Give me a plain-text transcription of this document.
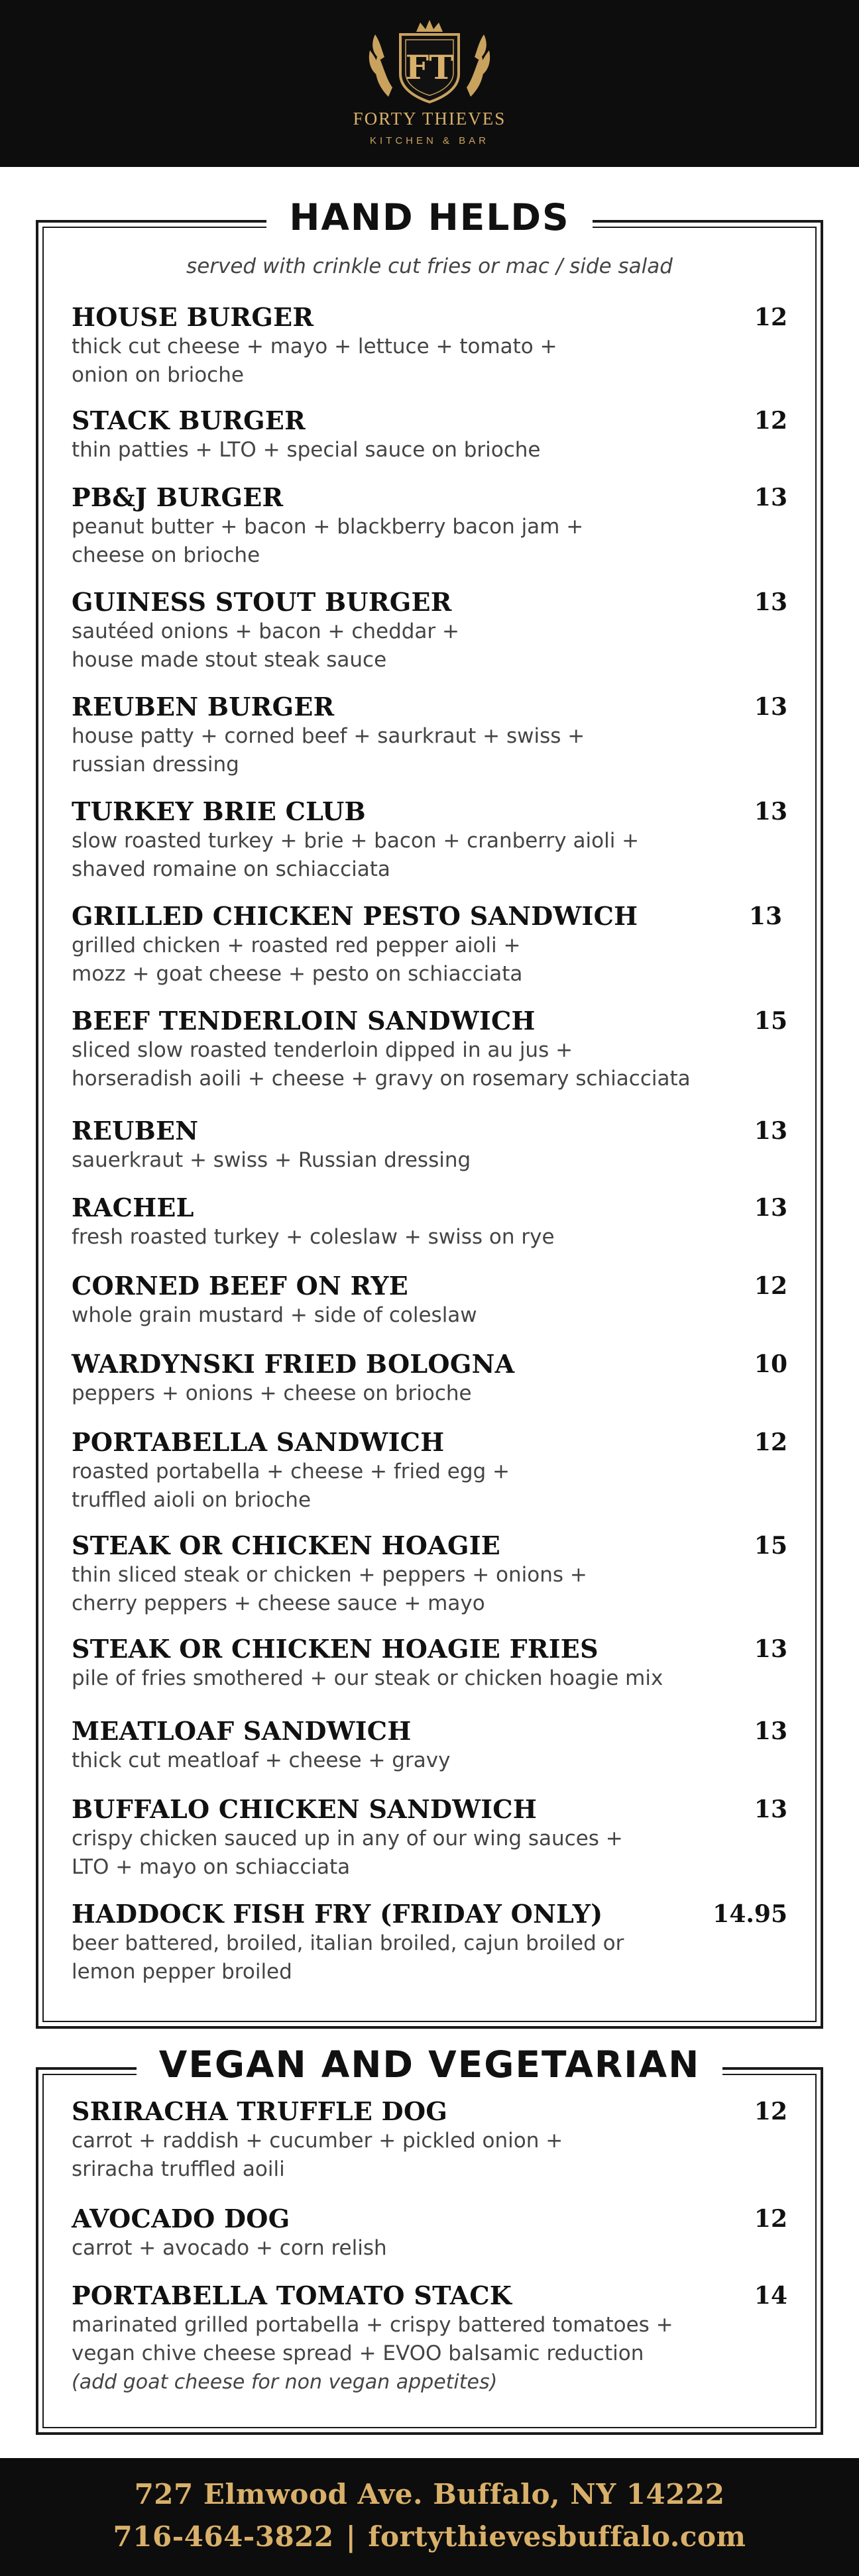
FT
FORTY THIEVES
KITCHEN & BAR
HAND HELDS
served with crinkle cut fries or mac / side salad
HOUSE BURGER	12
thick cut cheese + mayo + lettuce + tomato +
onion on brioche
STACK BURGER	12
thin patties + LTO + special sauce on brioche
PB&J BURGER	13
peanut butter + bacon + blackberry bacon jam +
cheese on brioche
GUINESS STOUT BURGER	13
sautéed onions + bacon + cheddar +
house made stout steak sauce
REUBEN BURGER	13
house patty + corned beef + saurkraut + swiss +
russian dressing
TURKEY BRIE CLUB	13
slow roasted turkey + brie + bacon + cranberry aioli +
shaved romaine on schiacciata
GRILLED CHICKEN PESTO SANDWICH	13
grilled chicken + roasted red pepper aioli +
mozz + goat cheese + pesto on schiacciata
BEEF TENDERLOIN SANDWICH	15
sliced slow roasted tenderloin dipped in au jus +
horseradish aoili + cheese + gravy on rosemary schiacciata
REUBEN	13
sauerkraut + swiss + Russian dressing
RACHEL	13
fresh roasted turkey + coleslaw + swiss on rye
CORNED BEEF ON RYE	12
whole grain mustard + side of coleslaw
WARDYNSKI FRIED BOLOGNA	10
peppers + onions + cheese on brioche
PORTABELLA SANDWICH	12
roasted portabella + cheese + fried egg +
truffled aioli on brioche
STEAK OR CHICKEN HOAGIE	15
thin sliced steak or chicken + peppers + onions +
cherry peppers + cheese sauce + mayo
STEAK OR CHICKEN HOAGIE FRIES	13
pile of fries smothered + our steak or chicken hoagie mix
MEATLOAF SANDWICH	13
thick cut meatloaf + cheese + gravy
BUFFALO CHICKEN SANDWICH	13
crispy chicken sauced up in any of our wing sauces +
LTO + mayo on schiacciata
HADDOCK FISH FRY (FRIDAY ONLY)	14.95
beer battered, broiled, italian broiled, cajun broiled or
lemon pepper broiled
VEGAN AND VEGETARIAN
SRIRACHA TRUFFLE DOG	12
carrot + raddish + cucumber + pickled onion +
sriracha truffled aoili
AVOCADO DOG	12
carrot + avocado + corn relish
PORTABELLA TOMATO STACK	14
marinated grilled portabella + crispy battered tomatoes +
vegan chive cheese spread + EVOO balsamic reduction
(add goat cheese for non vegan appetites)
727 Elmwood Ave. Buffalo, NY 14222
716-464-3822 | fortythievesbuffalo.com
